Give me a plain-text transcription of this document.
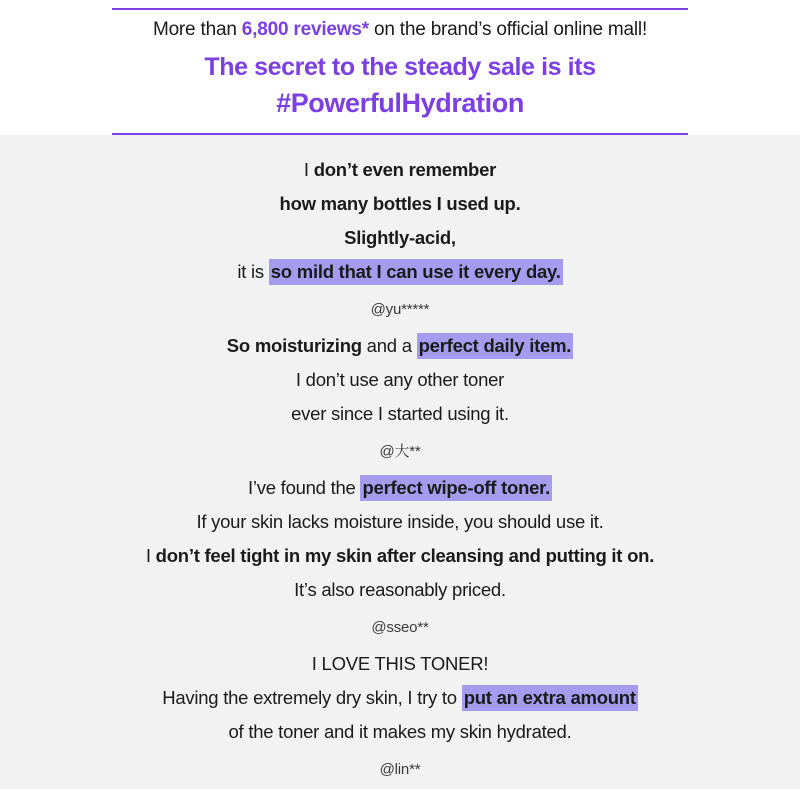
More than 6,800 reviews* on the brand’s official online mall!
The secret to the steady sale is its
#PowerfulHydration
I don’t even remember
how many bottles I used up.
Slightly-acid,
it is so mild that I can use it every day.
@yu*****
So moisturizing and a perfect daily item.
I don’t use any other toner
ever since I started using it.
@大**
I’ve found the perfect wipe-off toner.
If your skin lacks moisture inside, you should use it.
I don’t feel tight in my skin after cleansing and putting it on.
It’s also reasonably priced.
@sseo**
I LOVE THIS TONER!
Having the extremely dry skin, I try to put an extra amount
of the toner and it makes my skin hydrated.
@lin**
